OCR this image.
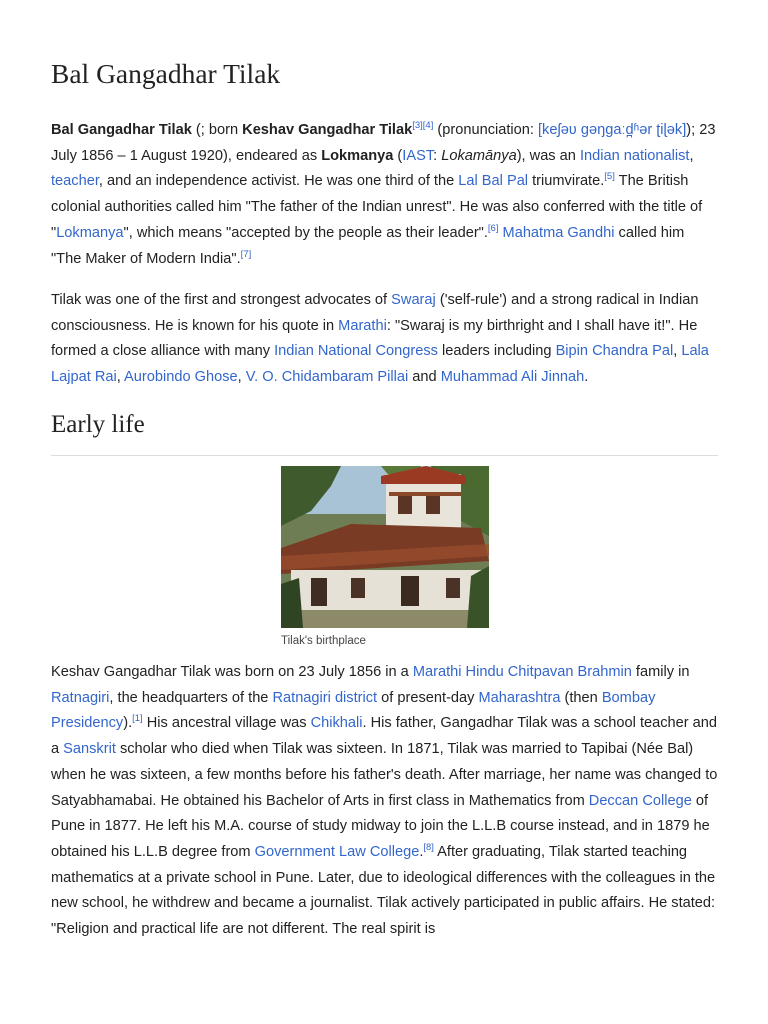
Bal Gangadhar Tilak

Bal Gangadhar Tilak (; born Keshav Gangadhar Tilak[3][4] (pronunciation: [keʃəʋ ɡəŋɡaːd̪ʱər ʈiɭək]); 23 July 1856 – 1 August 1920), endeared as Lokmanya (IAST: Lokamānya), was an Indian nationalist, teacher, and an independence activist. He was one third of the Lal Bal Pal triumvirate.[5] The British colonial authorities called him "The father of the Indian unrest". He was also conferred with the title of "Lokmanya", which means "accepted by the people as their leader".[6] Mahatma Gandhi called him "The Maker of Modern India".[7]

Tilak was one of the first and strongest advocates of Swaraj ('self-rule') and a strong radical in Indian consciousness. He is known for his quote in Marathi: "Swaraj is my birthright and I shall have it!". He formed a close alliance with many Indian National Congress leaders including Bipin Chandra Pal, Lala Lajpat Rai, Aurobindo Ghose, V. O. Chidambaram Pillai and Muhammad Ali Jinnah.

Early life
Tilak's birthplace

Keshav Gangadhar Tilak was born on 23 July 1856 in a Marathi Hindu Chitpavan Brahmin family in Ratnagiri, the headquarters of the Ratnagiri district of present-day Maharashtra (then Bombay Presidency).[1] His ancestral village was Chikhali. His father, Gangadhar Tilak was a school teacher and a Sanskrit scholar who died when Tilak was sixteen. In 1871, Tilak was married to Tapibai (Née Bal) when he was sixteen, a few months before his father's death. After marriage, her name was changed to Satyabhamabai. He obtained his Bachelor of Arts in first class in Mathematics from Deccan College of Pune in 1877. He left his M.A. course of study midway to join the L.L.B course instead, and in 1879 he obtained his L.L.B degree from Government Law College.[8] After graduating, Tilak started teaching mathematics at a private school in Pune. Later, due to ideological differences with the colleagues in the new school, he withdrew and became a journalist. Tilak actively participated in public affairs. He stated: "Religion and practical life are not different. The real spirit is
